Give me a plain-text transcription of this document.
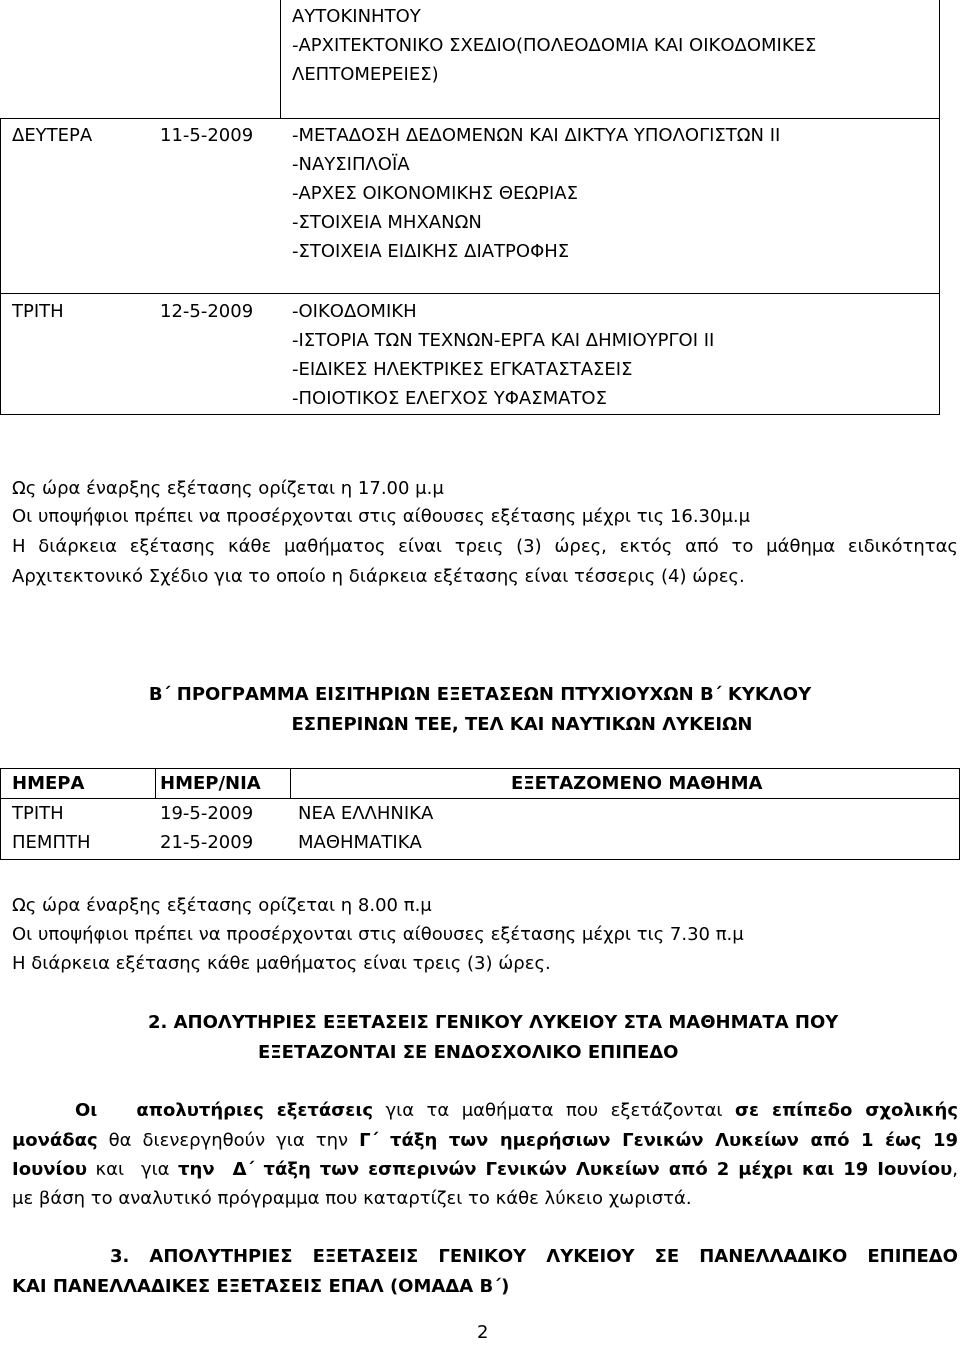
ΑΥΤΟΚΙΝΗΤΟΥ
-ΑΡΧΙΤΕΚΤΟΝΙΚΟ ΣΧΕΔΙΟ(ΠΟΛΕΟΔΟΜΙΑ ΚΑΙ ΟΙΚΟΔΟΜΙΚΕΣ
ΛΕΠΤΟΜΕΡΕΙΕΣ)
ΔΕΥΤΕΡΑ	11-5-2009 -ΜΕΤΑΔΟΣΗ ΔΕΔΟΜΕΝΩΝ ΚΑΙ ΔΙΚΤΥΑ ΥΠΟΛΟΓΙΣΤΩΝ ΙΙ
-ΝΑΥΣΙΠΛΟΪΑ
-ΑΡΧΕΣ ΟΙΚΟΝΟΜΙΚΗΣ ΘΕΩΡΙΑΣ
-ΣΤΟΙΧΕΙΑ ΜΗΧΑΝΩΝ
-ΣΤΟΙΧΕΙΑ ΕΙΔΙΚΗΣ ΔΙΑΤΡΟΦΗΣ
ΤΡΙΤΗ	12-5-2009 -ΟΙΚΟΔΟΜΙΚΗ
-ΙΣΤΟΡΙΑ ΤΩΝ ΤΕΧΝΩΝ-ΕΡΓΑ ΚΑΙ ΔΗΜΙΟΥΡΓΟΙ ΙΙ
-ΕΙΔΙΚΕΣ ΗΛΕΚΤΡΙΚΕΣ ΕΓΚΑΤΑΣΤΑΣΕΙΣ
-ΠΟΙΟΤΙΚΟΣ ΕΛΕΓΧΟΣ ΥΦΑΣΜΑΤΟΣ
Ως ώρα έναρξης εξέτασης ορίζεται η 17.00 μ.μ
Οι υποψήφιοι πρέπει να προσέρχονται στις αίθουσες εξέτασης μέχρι τις 16.30μ.μ
Η διάρκεια εξέτασης κάθε μαθήματος είναι τρεις (3) ώρες, εκτός από το μάθημα ειδικότητας
Αρχιτεκτονικό Σχέδιο για το οποίο η διάρκεια εξέτασης είναι τέσσερις (4) ώρες.
Β΄ ΠΡΟΓΡΑΜΜΑ ΕΙΣΙΤΗΡΙΩΝ ΕΞΕΤΑΣΕΩΝ ΠΤΥΧΙΟΥΧΩΝ Β΄ ΚΥΚΛΟΥ
ΕΣΠΕΡΙΝΩΝ ΤΕΕ, ΤΕΛ ΚΑΙ ΝΑΥΤΙΚΩΝ ΛΥΚΕΙΩΝ
ΗΜΕΡΑ	ΗΜΕΡ/ΝΙΑ	ΕΞΕΤΑΖΟΜΕΝΟ ΜΑΘΗΜΑ
ΤΡΙΤΗ	19-5-2009 ΝΕΑ ΕΛΛΗΝΙΚΑ
ΠΕΜΠΤΗ	21-5-2009 ΜΑΘΗΜΑΤΙΚΑ
Ως ώρα έναρξης εξέτασης ορίζεται η 8.00 π.μ
Οι υποψήφιοι πρέπει να προσέρχονται στις αίθουσες εξέτασης μέχρι τις 7.30 π.μ
Η διάρκεια εξέτασης κάθε μαθήματος είναι τρεις (3) ώρες.
2. ΑΠΟΛΥΤΗΡΙΕΣ ΕΞΕΤΑΣΕΙΣ ΓΕΝΙΚΟΥ ΛΥΚΕΙΟΥ ΣΤΑ ΜΑΘΗΜΑΤΑ ΠΟΥ
ΕΞΕΤΑΖΟΝΤΑΙ ΣΕ ΕΝΔΟΣΧΟΛΙΚΟ ΕΠΙΠΕΔΟ
Οι   απολυτήριες εξετάσεις για τα μαθήματα που εξετάζονται σε επίπεδο σχολικής
μονάδας θα διενεργηθούν για την Γ΄ τάξη των ημερήσιων Γενικών Λυκείων από 1 έως 19
Ιουνίου και  για την  Δ΄ τάξη των εσπερινών Γενικών Λυκείων από 2 μέχρι και 19 Ιουνίου,
με βάση το αναλυτικό πρόγραμμα που καταρτίζει το κάθε λύκειο χωριστά.
3. ΑΠΟΛΥΤΗΡΙΕΣ ΕΞΕΤΑΣΕΙΣ ΓΕΝΙΚΟΥ ΛΥΚΕΙΟΥ ΣΕ ΠΑΝΕΛΛΑΔΙΚΟ ΕΠΙΠΕΔΟ
ΚΑΙ ΠΑΝΕΛΛΑΔΙΚΕΣ ΕΞΕΤΑΣΕΙΣ ΕΠΑΛ (ΟΜΑΔΑ Β΄)
2
